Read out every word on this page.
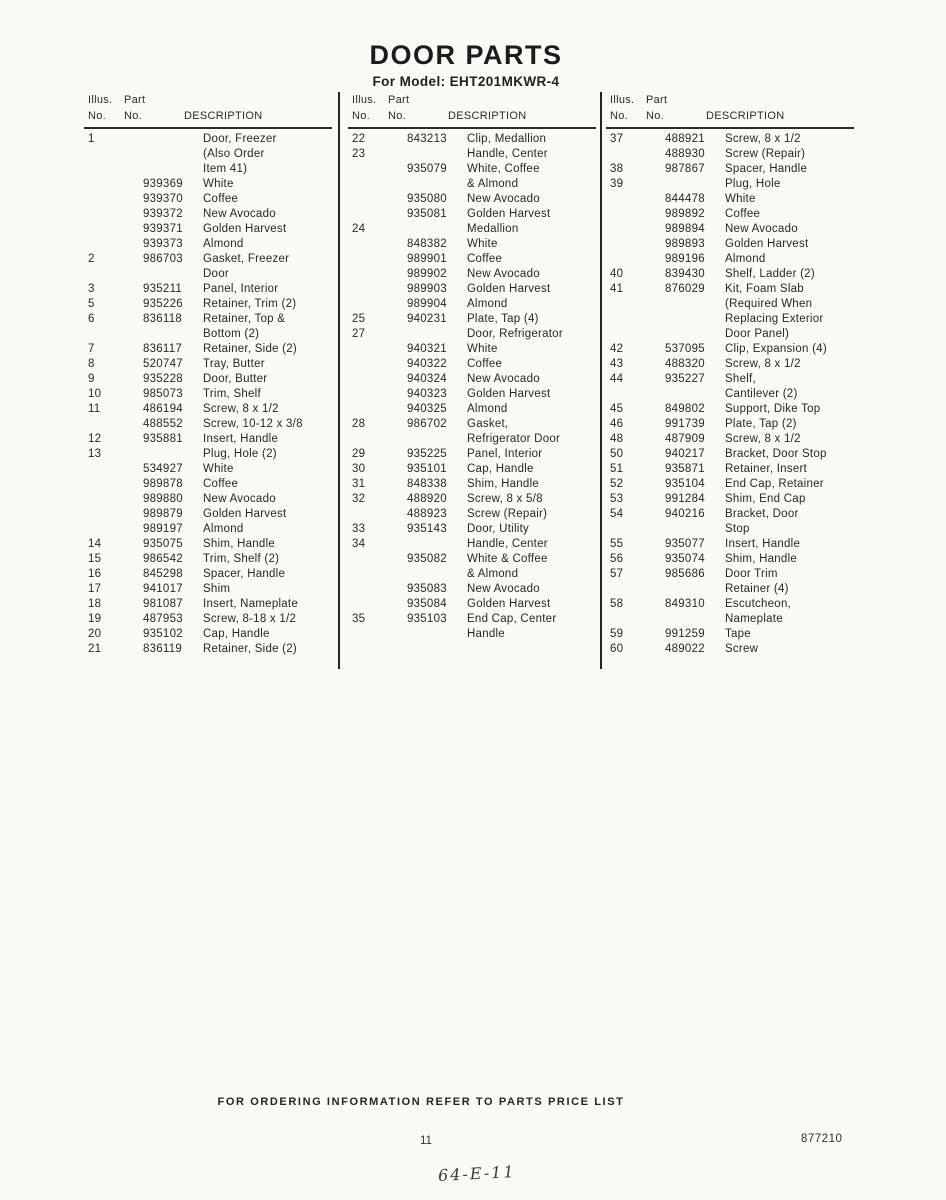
DOOR PARTS
For Model: EHT201MKWR-4
Illus. Part
No. No.	DESCRIPTION
1	Door, Freezer
(Also Order
Item 41)
939369 White
939370 Coffee
939372 New Avocado
939371 Golden Harvest
939373 Almond
2	986703 Gasket, Freezer
Door
3	935211 Panel, Interior
5	935226 Retainer, Trim (2)
6	836118 Retainer, Top &
Bottom (2)
7	836117 Retainer, Side (2)
8	520747 Tray, Butter
9	935228 Door, Butter
10	985073 Trim, Shelf
11	486194 Screw, 8 x 1/2
488552 Screw, 10-12 x 3/8
12	935881 Insert, Handle
13	Plug, Hole (2)
534927 White
989878 Coffee
989880 New Avocado
989879 Golden Harvest
989197 Almond
14	935075 Shim, Handle
15	986542 Trim, Shelf (2)
16	845298 Spacer, Handle
17	941017 Shim
18	981087 Insert, Nameplate
19	487953 Screw, 8-18 x 1/2
20	935102 Cap, Handle
21	836119 Retainer, Side (2)
Illus. Part
No. No.	DESCRIPTION
22	843213 Clip, Medallion
23	Handle, Center
935079 White, Coffee
& Almond
935080 New Avocado
935081 Golden Harvest
24	Medallion
848382 White
989901 Coffee
989902 New Avocado
989903 Golden Harvest
989904 Almond
25	940231 Plate, Tap (4)
27	Door, Refrigerator
940321 White
940322 Coffee
940324 New Avocado
940323 Golden Harvest
940325 Almond
28	986702 Gasket,
Refrigerator Door
29	935225 Panel, Interior
30	935101 Cap, Handle
31	848338 Shim, Handle
32	488920 Screw, 8 x 5/8
488923 Screw (Repair)
33	935143 Door, Utility
34	Handle, Center
935082 White & Coffee
& Almond
935083 New Avocado
935084 Golden Harvest
35	935103 End Cap, Center
Handle
Illus. Part
No. No.	DESCRIPTION
37	488921 Screw, 8 x 1/2
488930 Screw (Repair)
38	987867 Spacer, Handle
39	Plug, Hole
844478 White
989892 Coffee
989894 New Avocado
989893 Golden Harvest
989196 Almond
40	839430 Shelf, Ladder (2)
41	876029 Kit, Foam Slab
(Required When
Replacing Exterior
Door Panel)
42	537095 Clip, Expansion (4)
43	488320 Screw, 8 x 1/2
44	935227 Shelf,
Cantilever (2)
45	849802 Support, Dike Top
46	991739 Plate, Tap (2)
48	487909 Screw, 8 x 1/2
50	940217 Bracket, Door Stop
51	935871 Retainer, Insert
52	935104 End Cap, Retainer
53	991284 Shim, End Cap
54	940216 Bracket, Door
Stop
55	935077 Insert, Handle
56	935074 Shim, Handle
57	985686 Door Trim
Retainer (4)
58	849310 Escutcheon,
Nameplate
59	991259 Tape
60	489022 Screw
FOR ORDERING INFORMATION REFER TO PARTS PRICE LIST
11	877210
64-E-11
